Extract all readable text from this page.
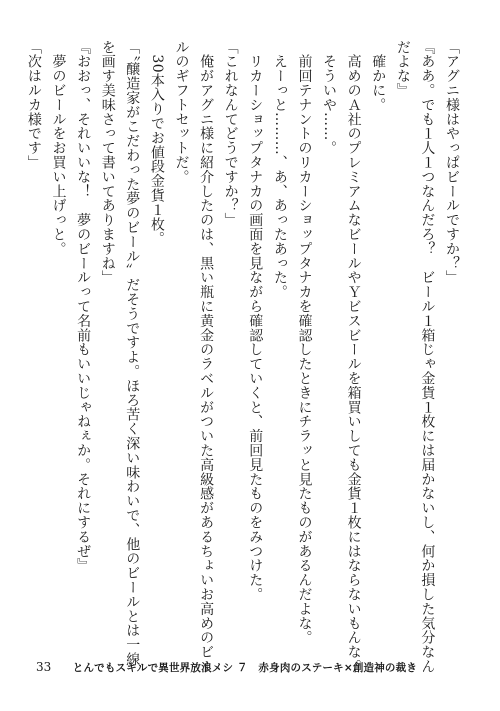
「アグニ様はやっぱビールですか？」

『ああ。でも１人１つなんだろ？　ビール１箱じゃ金貨１枚には届かないし、何か損した気分なん

だよな』

　確かに。

　高めのＡ社のプレミアムなビールやＹビスビールを箱買いしても金貨１枚にはならないもんな。

　そういや……。

　前回テナントのリカーショップタナカを確認したときにチラッと見たものがあるんだよな。

　えーっと………、あ、あったあった。

　リカーショップタナカの画面を見ながら確認していくと、前回見たものをみつけた。

「これなんてどうですか？」

　俺がアグニ様に紹介したのは、黒い瓶に黄金のラベルがついた高級感があるちょいお高めのビー

ルのギフトセットだ。

　30本入りでお値段金貨１枚。

「〝醸造家がこだわった夢のビール〟だそうですよ。ほろ苦く深い味わいで、他のビールとは一線

を画す美味さって書いてありますね」

『おおっ、それいいな！　夢のビールって名前もいいじゃねぇか。それにするぜ』

　夢のビールをお買い上げっと。

「次はルカ様です」

33 とんでもスキルで異世界放浪メシ ７　赤身肉のステーキ×創造神の裁き
